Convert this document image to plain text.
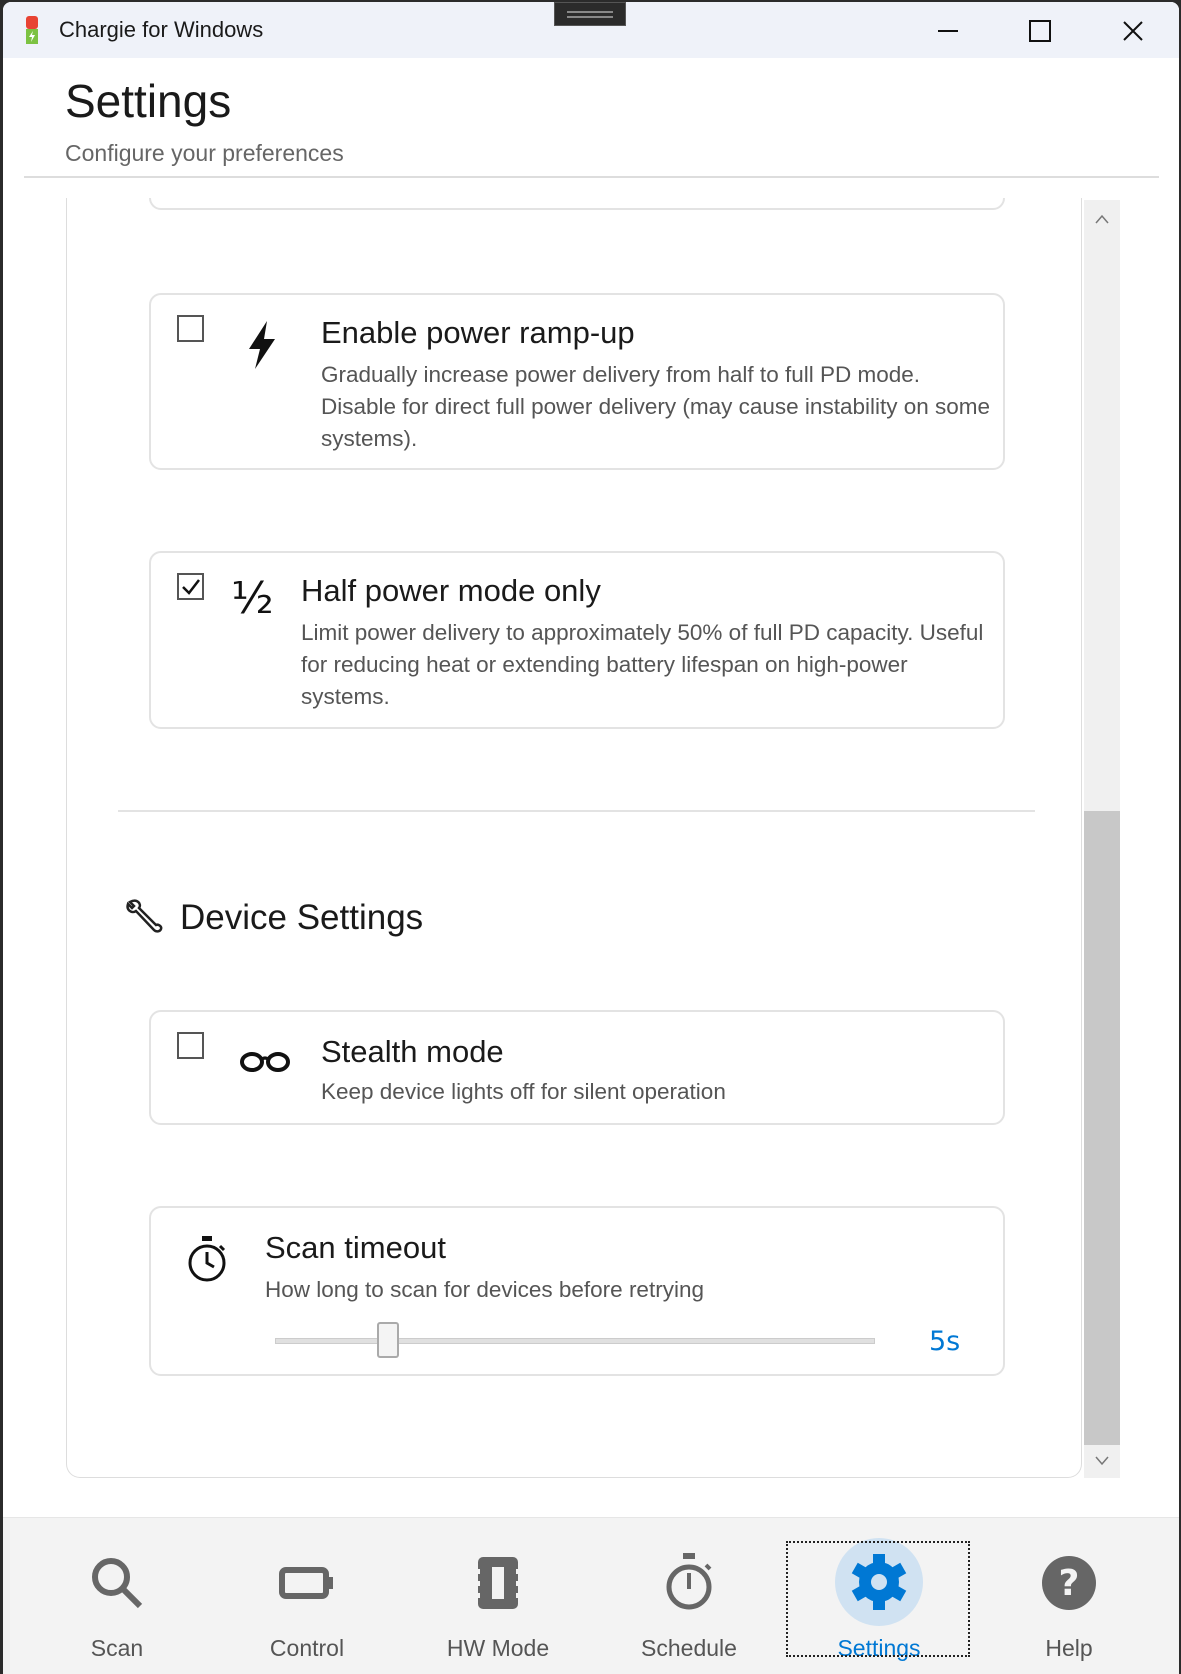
Chargie for Windows
Settings
Configure your preferences
Enable power ramp-up
Gradually increase power delivery from half to full PD mode. Disable for direct full power delivery (may cause instability on some systems).
½ Half power mode only
Limit power delivery to approximately 50% of full PD capacity. Useful for reducing heat or extending battery lifespan on high-power systems.
Device Settings
Stealth mode
Keep device lights off for silent operation
Scan timeout
How long to scan for devices before retrying
5s
Scan	Control	HW Mode	Schedule	Settings
?
Help
